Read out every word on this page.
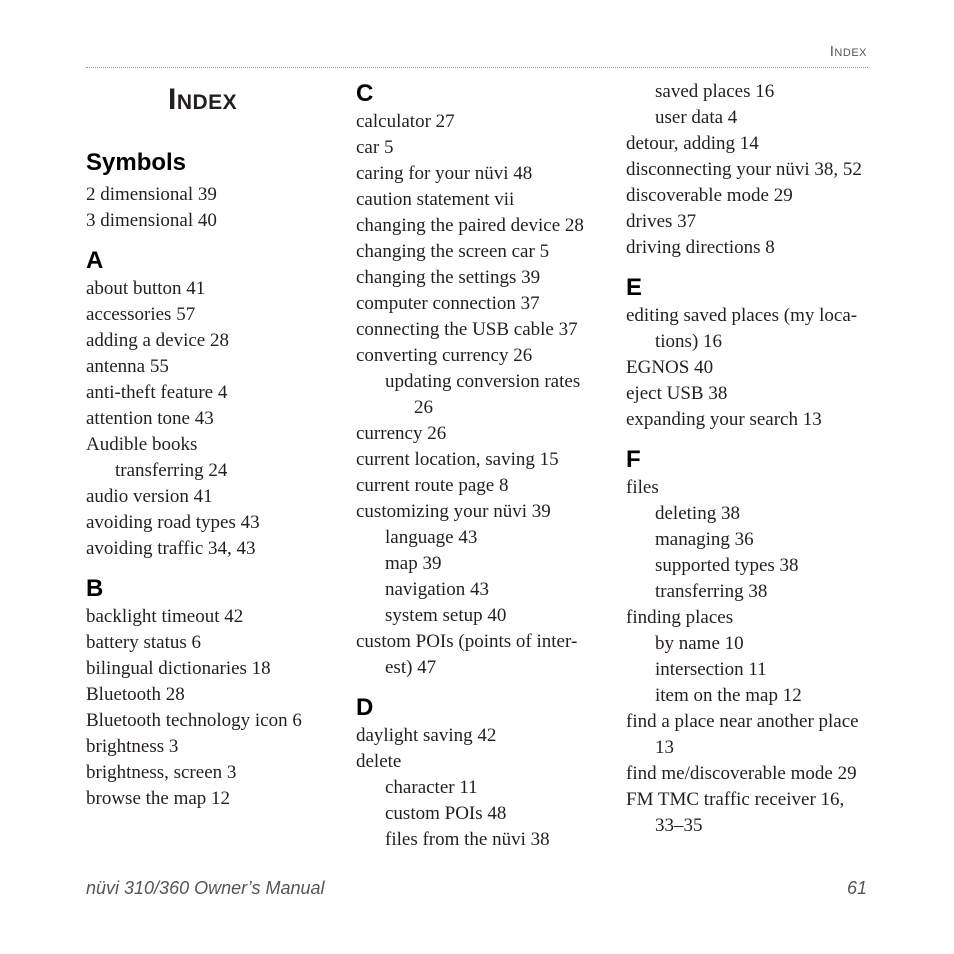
Index
Index
Symbols
2 dimensional 39
3 dimensional 40
A
about button 41
accessories 57
adding a device 28
antenna 55
anti-theft feature 4
attention tone 43
Audible books
transferring 24
audio version 41
avoiding road types 43
avoiding traffic 34, 43
B
backlight timeout 42
battery status 6
bilingual dictionaries 18
Bluetooth 28
Bluetooth technology icon 6
brightness 3
brightness, screen 3
browse the map 12
C
calculator 27
car 5
caring for your nüvi 48
caution statement vii
changing the paired device 28
changing the screen car 5
changing the settings 39
computer connection 37
connecting the USB cable 37
converting currency 26
updating conversion rates
26
currency 26
current location, saving 15
current route page 8
customizing your nüvi 39
language 43
map 39
navigation 43
system setup 40
custom POIs (points of inter-
est) 47
D
daylight saving 42
delete
character 11
custom POIs 48
files from the nüvi 38
saved places 16
user data 4
detour, adding 14
disconnecting your nüvi 38, 52
discoverable mode 29
drives 37
driving directions 8
E
editing saved places (my loca-
tions) 16
EGNOS 40
eject USB 38
expanding your search 13
F
files
deleting 38
managing 36
supported types 38
transferring 38
finding places
by name 10
intersection 11
item on the map 12
find a place near another place
13
find me/discoverable mode 29
FM TMC traffic receiver 16,
33–35
nüvi 310/360 Owner’s Manual	61
